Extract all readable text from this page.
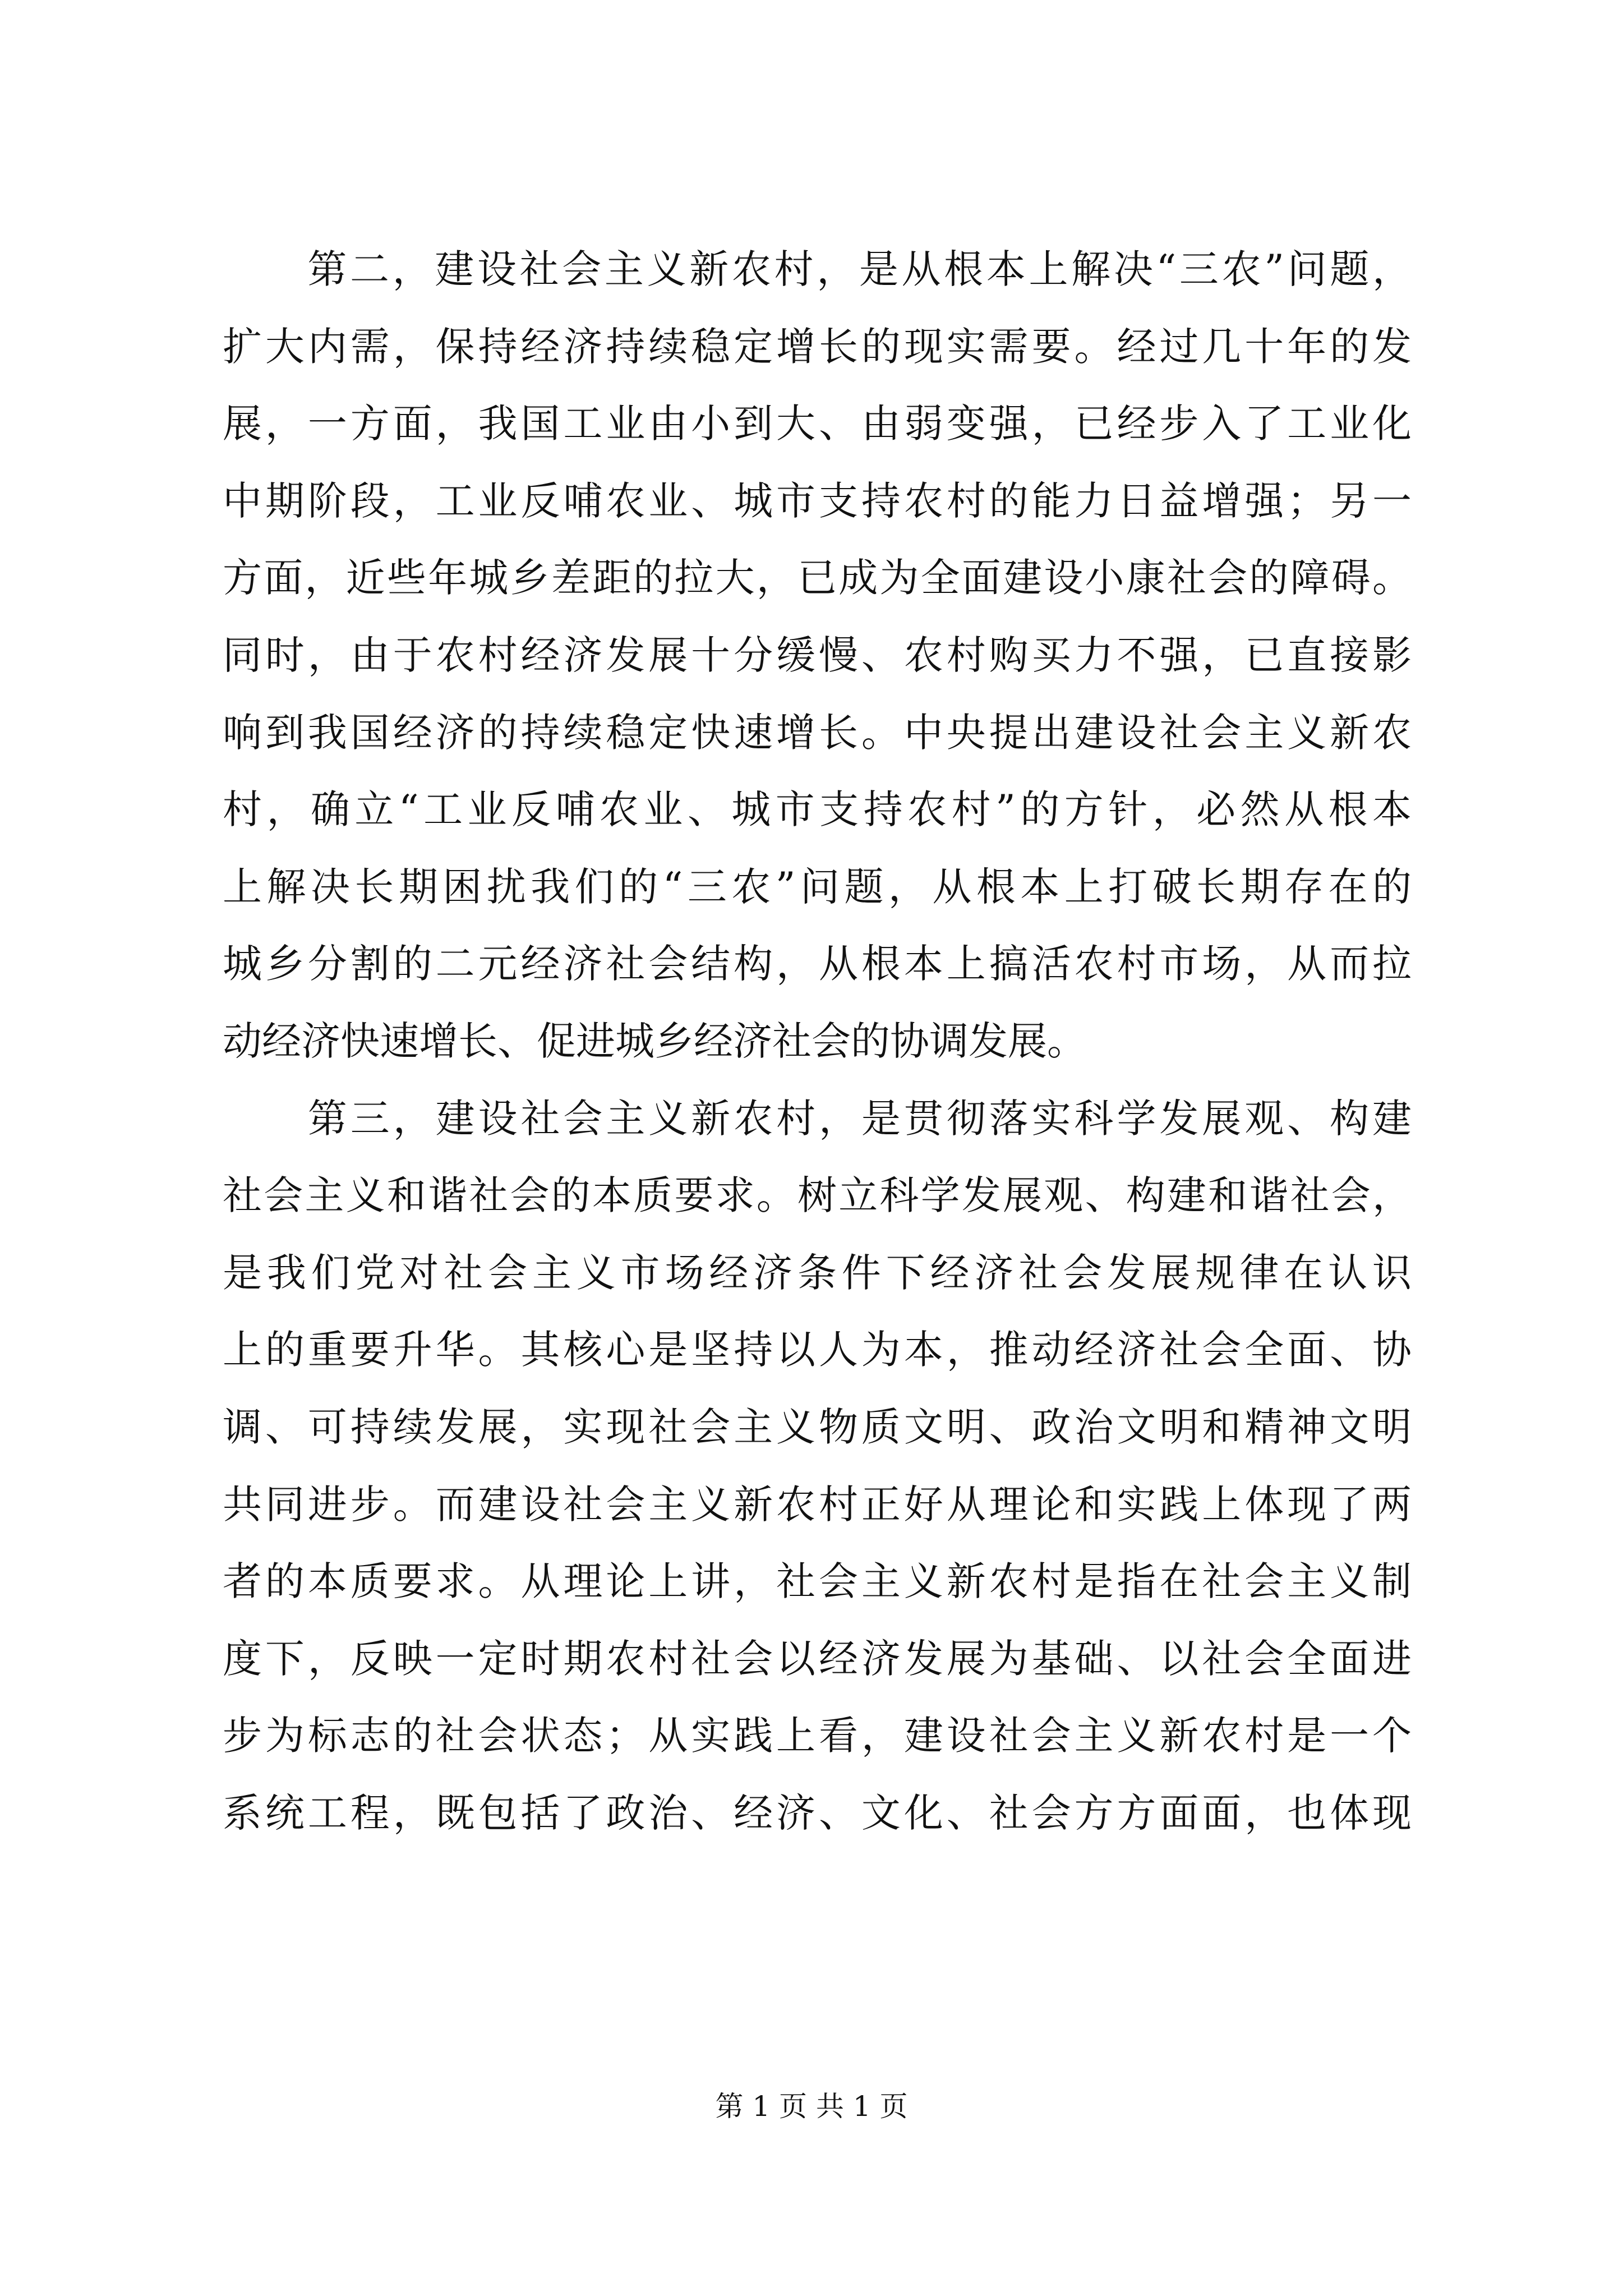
　　第二，建设社会主义新农村，是从根本上解决“三农”问题，
扩大内需，保持经济持续稳定增长的现实需要。经过几十年的发
展，一方面，我国工业由小到大、由弱变强，已经步入了工业化
中期阶段，工业反哺农业、城市支持农村的能力日益增强；另一
方面，近些年城乡差距的拉大，已成为全面建设小康社会的障碍。
同时，由于农村经济发展十分缓慢、农村购买力不强，已直接影
响到我国经济的持续稳定快速增长。中央提出建设社会主义新农
村，确立“工业反哺农业、城市支持农村”的方针，必然从根本
上解决长期困扰我们的“三农”问题，从根本上打破长期存在的
城乡分割的二元经济社会结构，从根本上搞活农村市场，从而拉
动经济快速增长、促进城乡经济社会的协调发展。
　　第三，建设社会主义新农村，是贯彻落实科学发展观、构建
社会主义和谐社会的本质要求。树立科学发展观、构建和谐社会，
是我们党对社会主义市场经济条件下经济社会发展规律在认识
上的重要升华。其核心是坚持以人为本，推动经济社会全面、协
调、可持续发展，实现社会主义物质文明、政治文明和精神文明
共同进步。而建设社会主义新农村正好从理论和实践上体现了两
者的本质要求。从理论上讲，社会主义新农村是指在社会主义制
度下，反映一定时期农村社会以经济发展为基础、以社会全面进
步为标志的社会状态；从实践上看，建设社会主义新农村是一个
系统工程，既包括了政治、经济、文化、社会方方面面，也体现
第 1 页 共 1 页
